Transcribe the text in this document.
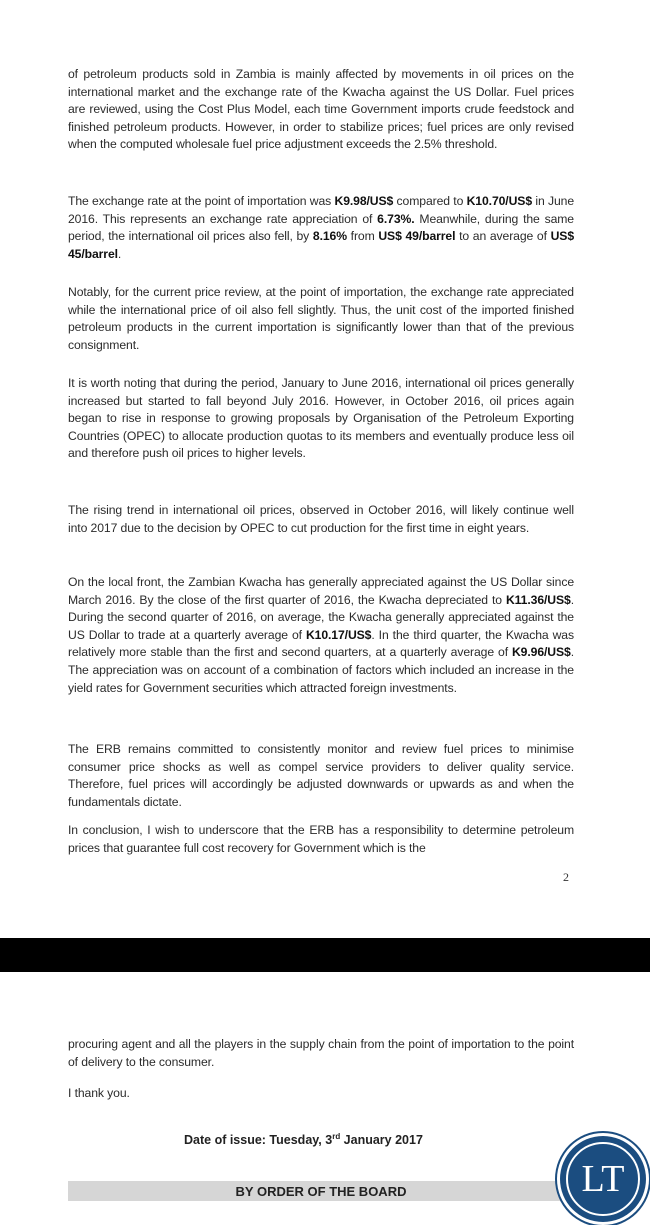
of petroleum products sold in Zambia is mainly affected by movements in oil prices on the international market and the exchange rate of the Kwacha against the US Dollar. Fuel prices are reviewed, using the Cost Plus Model, each time Government imports crude feedstock and finished petroleum products. However, in order to stabilize prices; fuel prices are only revised when the computed wholesale fuel price adjustment exceeds the 2.5% threshold.

The exchange rate at the point of importation was K9.98/US$ compared to K10.70/US$ in June 2016. This represents an exchange rate appreciation of 6.73%. Meanwhile, during the same period, the international oil prices also fell, by 8.16% from US$ 49/barrel to an average of US$ 45/barrel.

Notably, for the current price review, at the point of importation, the exchange rate appreciated while the international price of oil also fell slightly. Thus, the unit cost of the imported finished petroleum products in the current importation is significantly lower than that of the previous consignment.

It is worth noting that during the period, January to June 2016, international oil prices generally increased but started to fall beyond July 2016. However, in October 2016, oil prices again began to rise in response to growing proposals by Organisation of the Petroleum Exporting Countries (OPEC) to allocate production quotas to its members and eventually produce less oil and therefore push oil prices to higher levels.

The rising trend in international oil prices, observed in October 2016, will likely continue well into 2017 due to the decision by OPEC to cut production for the first time in eight years.

On the local front, the Zambian Kwacha has generally appreciated against the US Dollar since March 2016. By the close of the first quarter of 2016, the Kwacha depreciated to K11.36/US$. During the second quarter of 2016, on average, the Kwacha generally appreciated against the US Dollar to trade at a quarterly average of K10.17/US$. In the third quarter, the Kwacha was relatively more stable than the first and second quarters, at a quarterly average of K9.96/US$. The appreciation was on account of a combination of factors which included an increase in the yield rates for Government securities which attracted foreign investments.

The ERB remains committed to consistently monitor and review fuel prices to minimise consumer price shocks as well as compel service providers to deliver quality service. Therefore, fuel prices will accordingly be adjusted downwards or upwards as and when the fundamentals dictate.

In conclusion, I wish to underscore that the ERB has a responsibility to determine petroleum prices that guarantee full cost recovery for Government which is the

2

procuring agent and all the players in the supply chain from the point of importation to the point of delivery to the consumer.

I thank you.

Date of issue: Tuesday, 3rd January 2017
BY ORDER OF THE BOARD	LT
